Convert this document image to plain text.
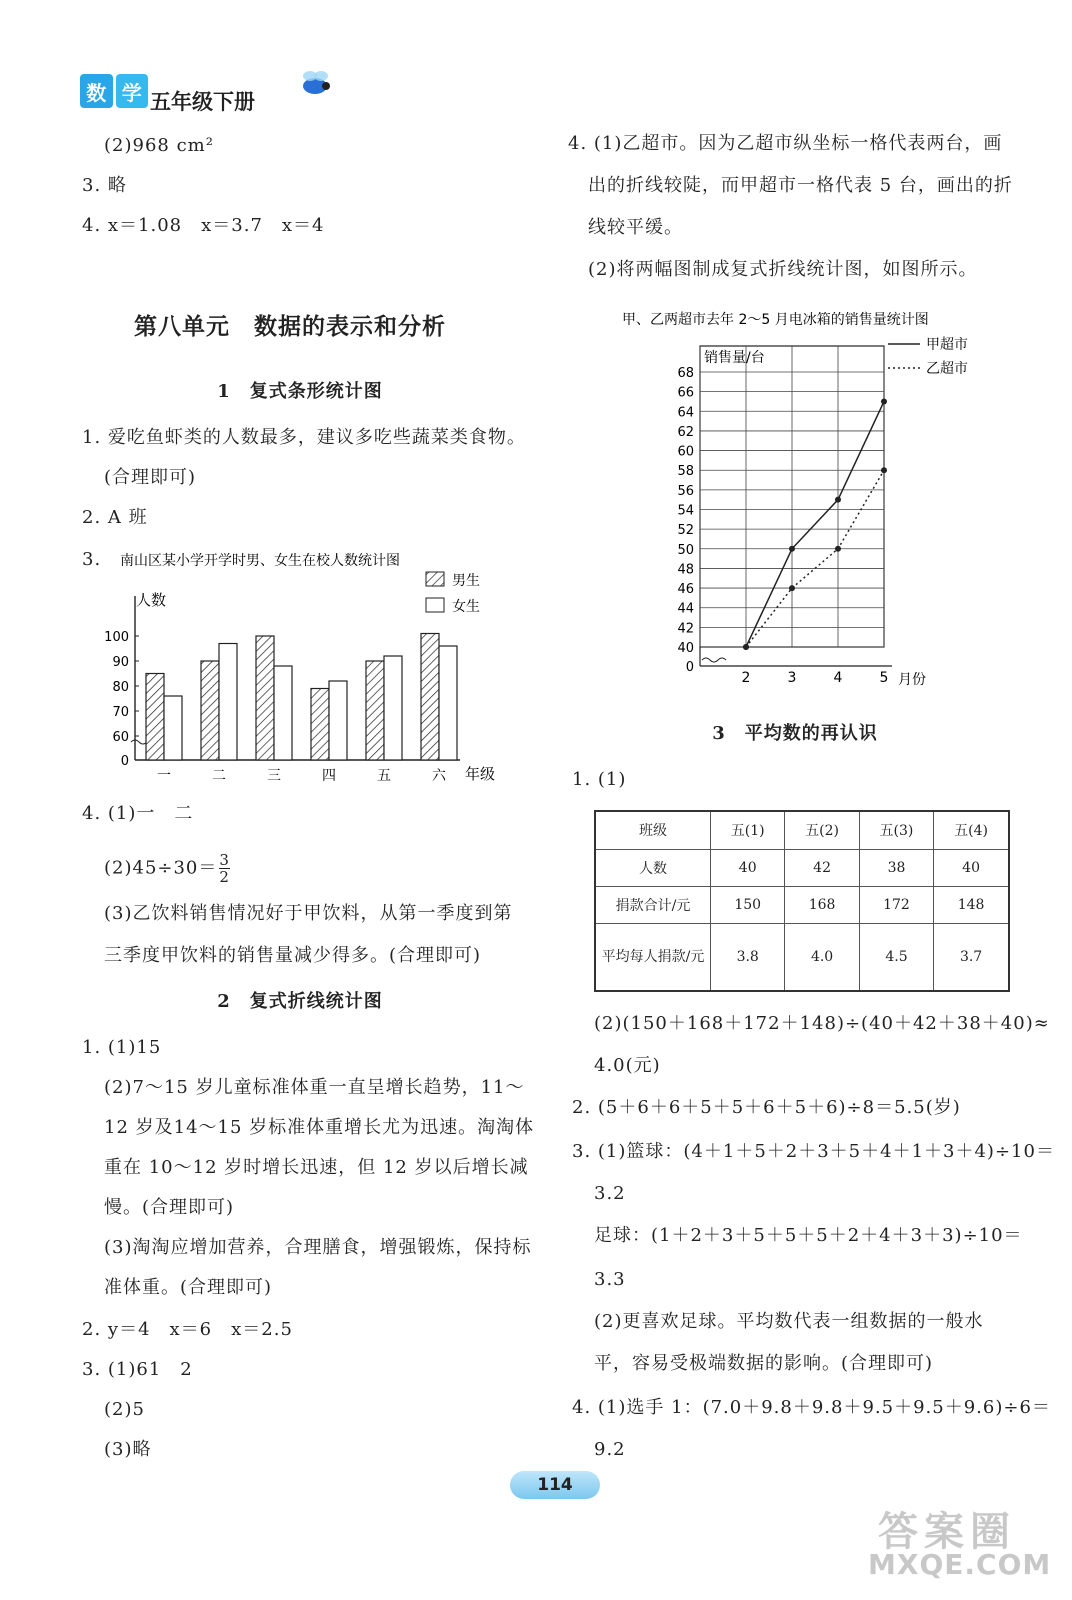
数 学 五年级下册
(2)968 cm²
3. 略
4. x＝1.08　x＝3.7　x＝4
第八单元　数据的表示和分析
1　复式条形统计图
1. 爱吃鱼虾类的人数最多，建议多吃些蔬菜类食物。
(合理即可)
2. A 班
3. 南山区某小学开学时男、女生在校人数统计图
人数
男生
女生
0
60
70
80
90
100
一	二	三	四	五	六 年级
4. (1)一　二
$(2)45\div 30= \frac{3}{2}$
(3)乙饮料销售情况好于甲饮料，从第一季度到第
三季度甲饮料的销售量减少得多。(合理即可)
2　复式折线统计图
1. (1)15
(2)7～15 岁儿童标准体重一直呈增长趋势，11～
12 岁及14～15 岁标准体重增长尤为迅速。淘淘体
重在 10～12 岁时增长迅速，但 12 岁以后增长减
慢。(合理即可)
(3)淘淘应增加营养，合理膳食，增强锻炼，保持标
准体重。(合理即可)
2. y＝4　x＝6　x＝2.5
3. (1)61　2
(2)5
(3)略
4. (1)乙超市。因为乙超市纵坐标一格代表两台，画
出的折线较陡，而甲超市一格代表 5 台，画出的折
线较平缓。
(2)将两幅图制成复式折线统计图，如图所示。
甲、乙两超市去年 2～5 月电冰箱的销售量统计图
销售量/台
甲超市
乙超市
0
40
42
44
46
48
50
52
54
56
58
60
62
64
66
68
2	3	4	5 月份
3　平均数的再认识
1. (1)
班级	五(1)	五(2)	五(3)	五(4)
人数	40	42	38	40
捐款合计/元	150	168	172	148
平均每人捐款/元	3.8	4.0	4.5	3.7
(2)(150＋168＋172＋148)÷(40＋42＋38＋40)≈
4.0(元)
2. (5＋6＋6＋5＋5＋6＋5＋6)÷8＝5.5(岁)
3. (1)篮球：(4＋1＋5＋2＋3＋5＋4＋1＋3＋4)÷10＝
3.2
足球：(1＋2＋3＋5＋5＋5＋2＋4＋3＋3)÷10＝
3.3
(2)更喜欢足球。平均数代表一组数据的一般水
平，容易受极端数据的影响。(合理即可)
4. (1)选手 1：(7.0＋9.8＋9.8＋9.5＋9.5＋9.6)÷6＝
9.2
114
答案圈
MXQE.COM
